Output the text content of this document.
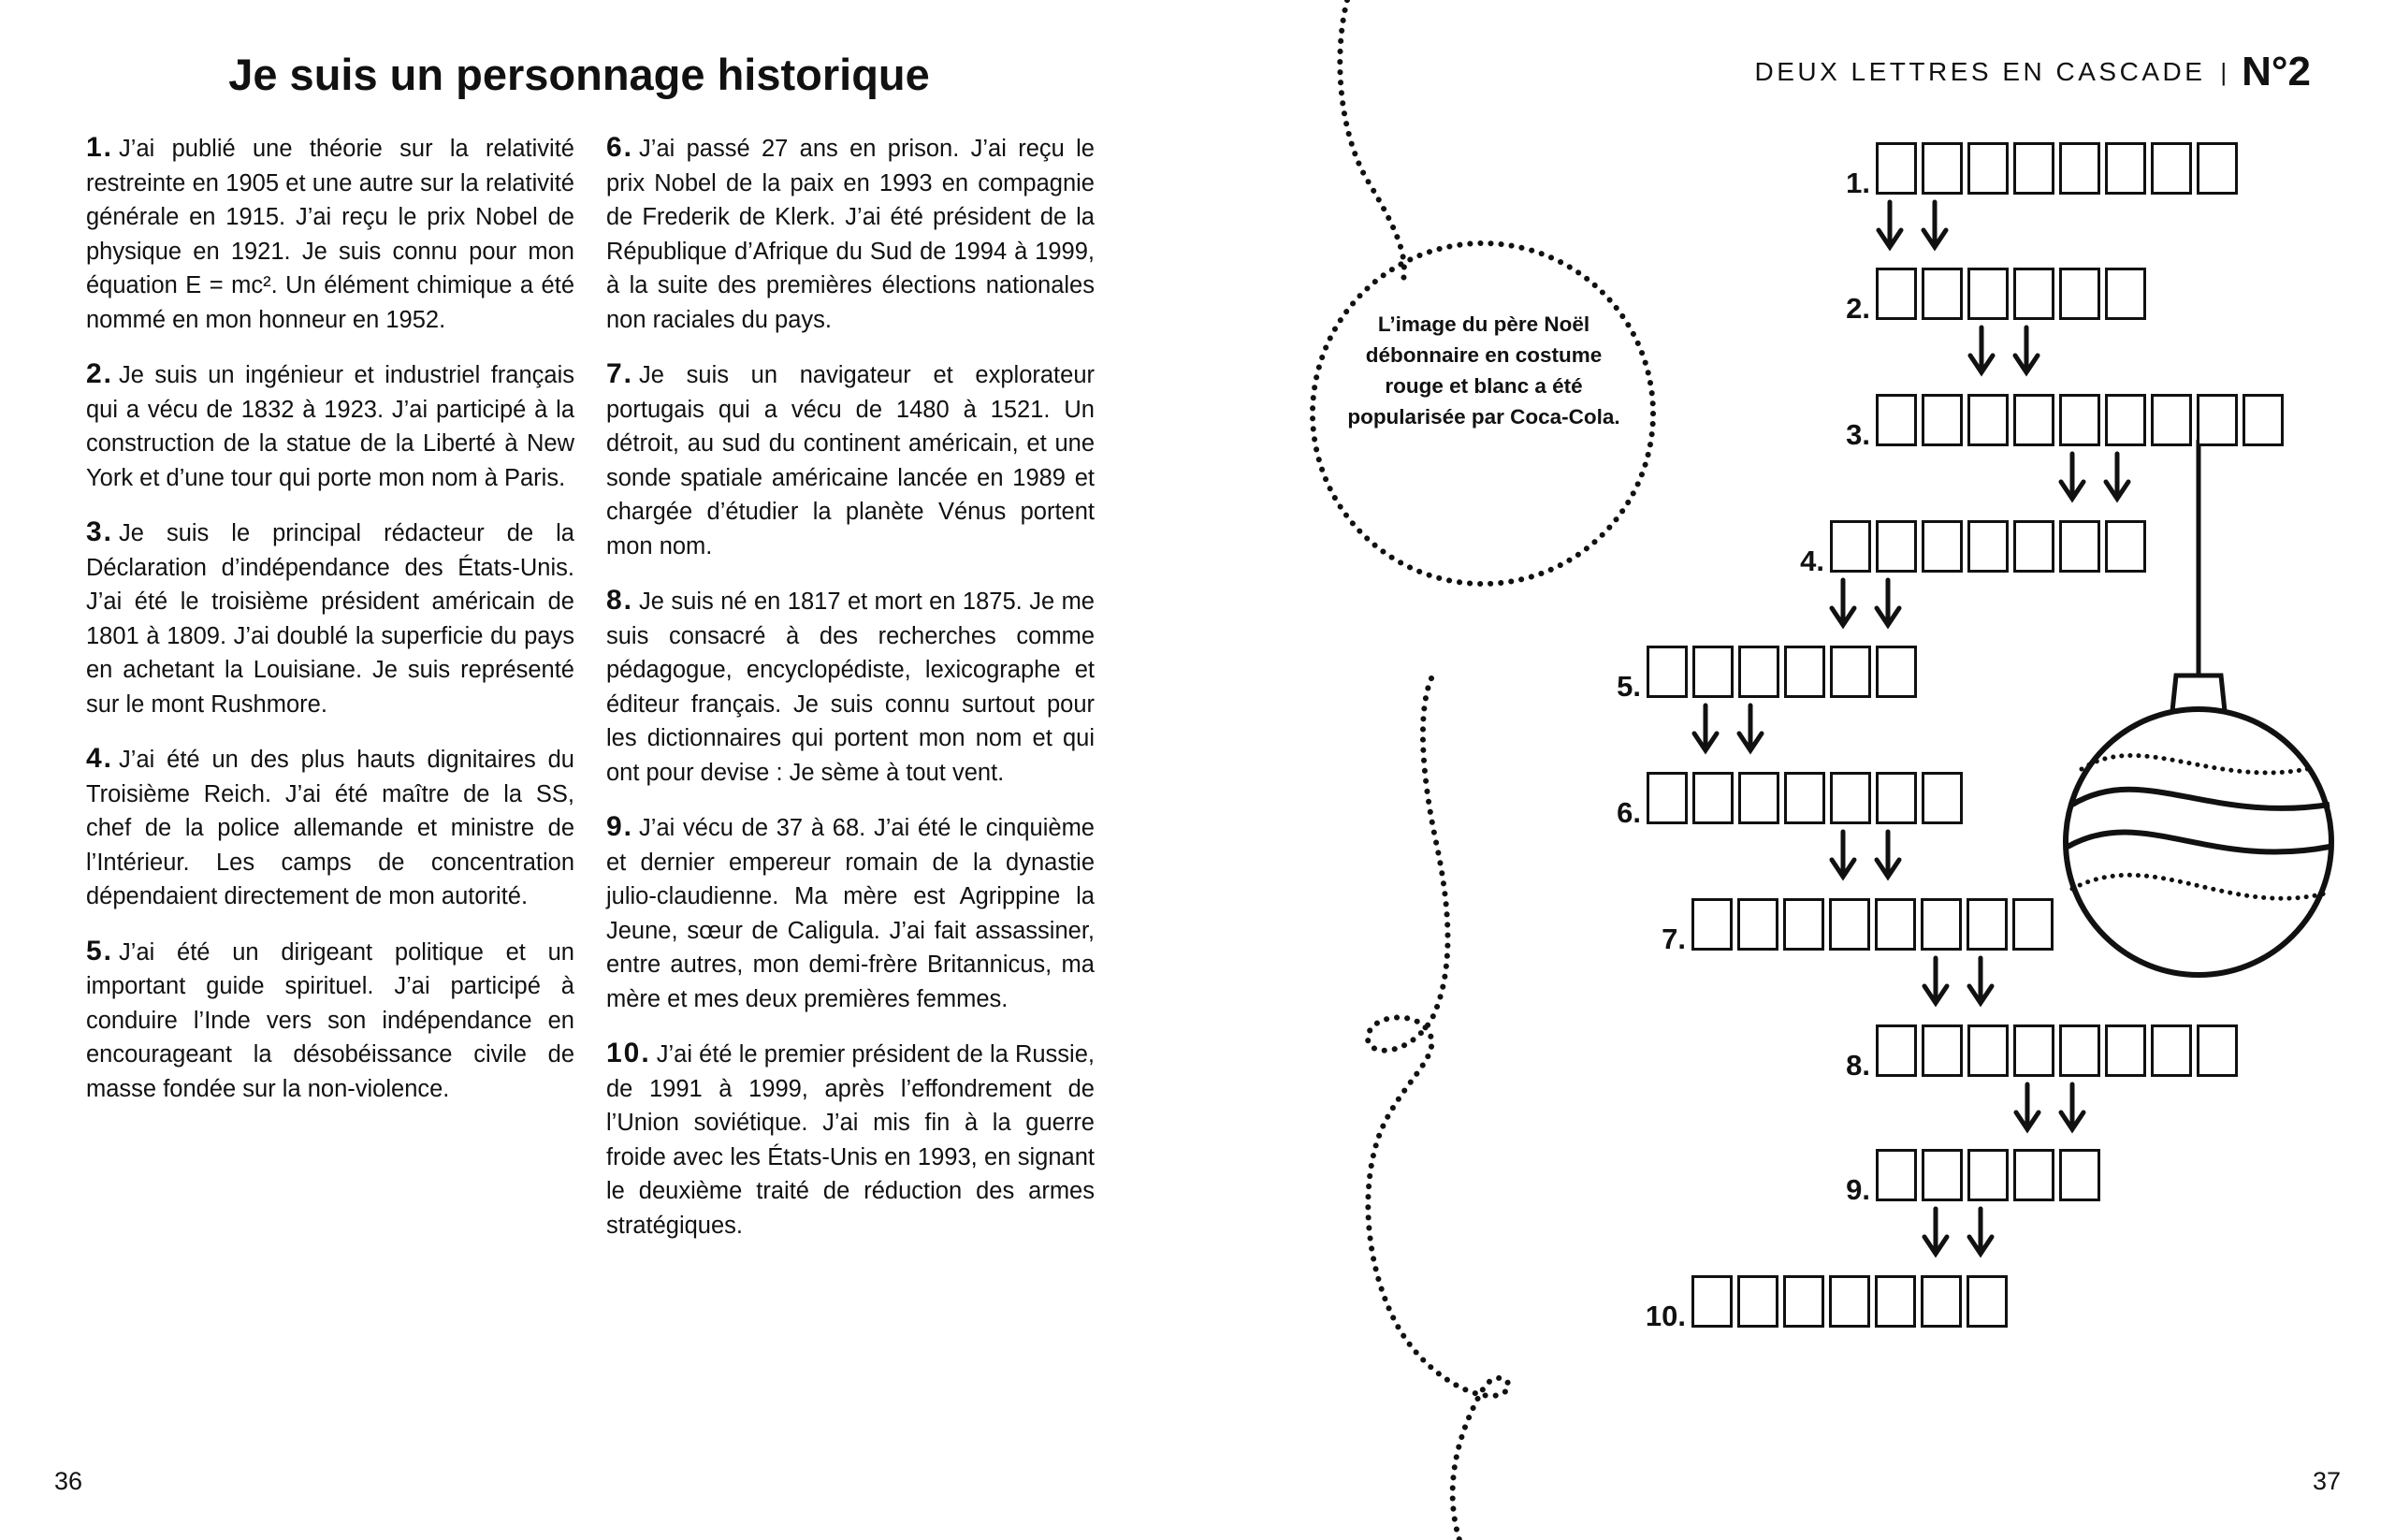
Je suis un personnage historique

1. J’ai publié une théorie sur la relativité restreinte en 1905 et une autre sur la relativité générale en 1915. J’ai reçu le prix Nobel de physique en 1921. Je suis connu pour mon équation E = mc². Un élément chimique a été nommé en mon honneur en 1952.

2. Je suis un ingénieur et industriel français qui a vécu de 1832 à 1923. J’ai participé à la construction de la statue de la Liberté à New York et d’une tour qui porte mon nom à Paris.

3. Je suis le principal rédacteur de la Déclaration d’indépendance des États-Unis. J’ai été le troisième président américain de 1801 à 1809. J’ai doublé la superficie du pays en achetant la Louisiane. Je suis représenté sur le mont Rushmore.

4. J’ai été un des plus hauts dignitaires du Troisième Reich. J’ai été maître de la SS, chef de la police allemande et ministre de l’Intérieur. Les camps de concentration dépendaient directement de mon autorité.

5. J’ai été un dirigeant politique et un important guide spirituel. J’ai participé à conduire l’Inde vers son indépendance en encourageant la désobéissance civile de masse fondée sur la non-violence.

6. J’ai passé 27 ans en prison. J’ai reçu le prix Nobel de la paix en 1993 en compagnie de Frederik de Klerk. J’ai été président de la République d’Afrique du Sud de 1994 à 1999, à la suite des premières élections nationales non raciales du pays.

7. Je suis un navigateur et explorateur portugais qui a vécu de 1480 à 1521. Un détroit, au sud du continent américain, et une sonde spatiale américaine lancée en 1989 et chargée d’étudier la planète Vénus portent mon nom.

8. Je suis né en 1817 et mort en 1875. Je me suis consacré à des recherches comme pédagogue, encyclopédiste, lexicographe et éditeur français. Je suis connu surtout pour les dictionnaires qui portent mon nom et qui ont pour devise : Je sème à tout vent.

9. J’ai vécu de 37 à 68. J’ai été le cinquième et dernier empereur romain de la dynastie julio-claudienne. Ma mère est Agrippine la Jeune, sœur de Caligula. J’ai fait assassiner, entre autres, mon demi-frère Britannicus, ma mère et mes deux premières femmes.

10. J’ai été le premier président de la Russie, de 1991 à 1999, après l’effondrement de l’Union soviétique. J’ai mis fin à la guerre froide avec les États-Unis en 1993, en signant le deuxième traité de réduction des armes stratégiques.

36	37
DEUX LETTRES EN CASCADE | N°2
L’image du père Noël débonnaire en costume rouge et blanc a été popularisée par Coca-Cola.
1.
2.
3.
4.
5.
6.
7.
8.
9.
10.
